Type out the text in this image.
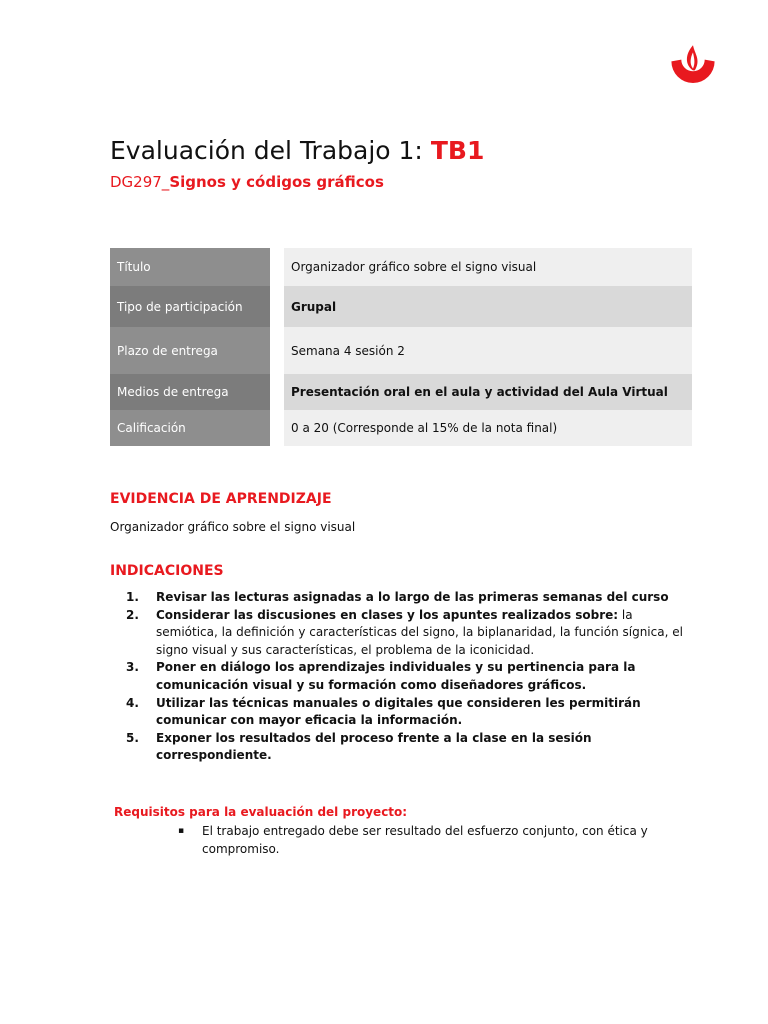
Evaluación del Trabajo 1: TB1

DG297_Signos y códigos gráficos

Título	Organizador gráfico sobre el signo visual
Tipo de participación	Grupal
Plazo de entrega	Semana 4 sesión 2
Medios de entrega	Presentación oral en el aula y actividad del Aula Virtual
Calificación	0 a 20 (Corresponde al 15% de la nota final)
EVIDENCIA DE APRENDIZAJE

Organizador gráfico sobre el signo visual

INDICACIONES
1. Revisar las lecturas asignadas a lo largo de las primeras semanas del curso
2. Considerar las discusiones en clases y los apuntes realizados sobre: la semiótica, la definición y características del signo, la biplanaridad, la función sígnica, el signo visual y sus características, el problema de la iconicidad.
3. Poner en diálogo los aprendizajes individuales y su pertinencia para la comunicación visual y su formación como diseñadores gráficos.
4. Utilizar las técnicas manuales o digitales que consideren les permitirán comunicar con mayor eficacia la información.
5. Exponer los resultados del proceso frente a la clase en la sesión correspondiente.

Requisitos para la evaluación del proyecto:

▪ El trabajo entregado debe ser resultado del esfuerzo conjunto, con ética y compromiso.
